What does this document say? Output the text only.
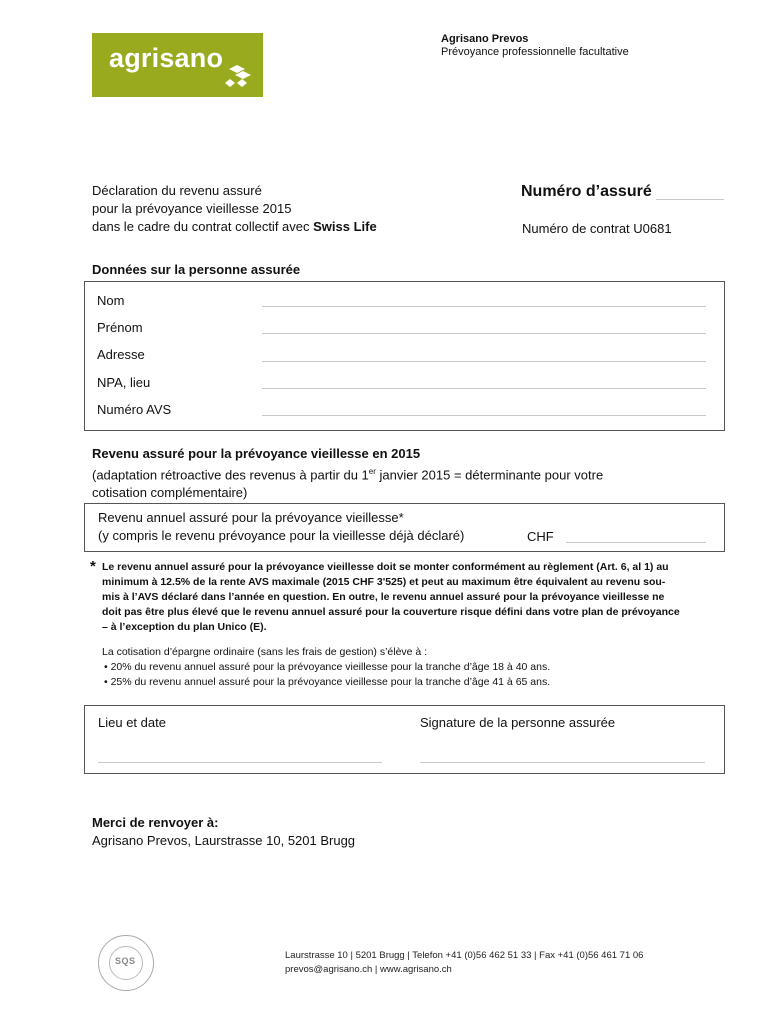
agrisano
Agrisano Prevos
Prévoyance professionnelle facultative
Déclaration du revenu assuré
pour la prévoyance vieillesse 2015
dans le cadre du contrat collectif avec Swiss Life
Numéro d’assuré
Numéro de contrat U0681
Données sur la personne assurée
Nom
Prénom
Adresse
NPA, lieu
Numéro AVS
Revenu assuré pour la prévoyance vieillesse en 2015
(adaptation rétroactive des revenus à partir du 1er janvier 2015 = déterminante pour votre
cotisation complémentaire)
Revenu annuel assuré pour la prévoyance vieillesse*
(y compris le revenu prévoyance pour la vieillesse déjà déclaré)	CHF
* Le revenu annuel assuré pour la prévoyance vieillesse doit se monter conformément au règlement (Art. 6, al 1) au
minimum à 12.5% de la rente AVS maximale (2015 CHF 3'525) et peut au maximum être équivalent au revenu sou-
mis à l’AVS déclaré dans l’année en question. En outre, le revenu annuel assuré pour la prévoyance vieillesse ne
doit pas être plus élevé que le revenu annuel assuré pour la couverture risque défini dans votre plan de prévoyance
– à l’exception du plan Unico (E).
La cotisation d’épargne ordinaire (sans les frais de gestion) s’élève à :
• 20% du revenu annuel assuré pour la prévoyance vieillesse pour la tranche d’âge 18 à 40 ans.
• 25% du revenu annuel assuré pour la prévoyance vieillesse pour la tranche d’âge 41 à 65 ans.
Lieu et date	Signature de la personne assurée
Merci de renvoyer à:
Agrisano Prevos, Laurstrasse 10, 5201 Brugg
SQS	Laurstrasse 10 | 5201 Brugg | Telefon +41 (0)56 462 51 33 | Fax +41 (0)56 461 71 06
prevos@agrisano.ch | www.agrisano.ch
